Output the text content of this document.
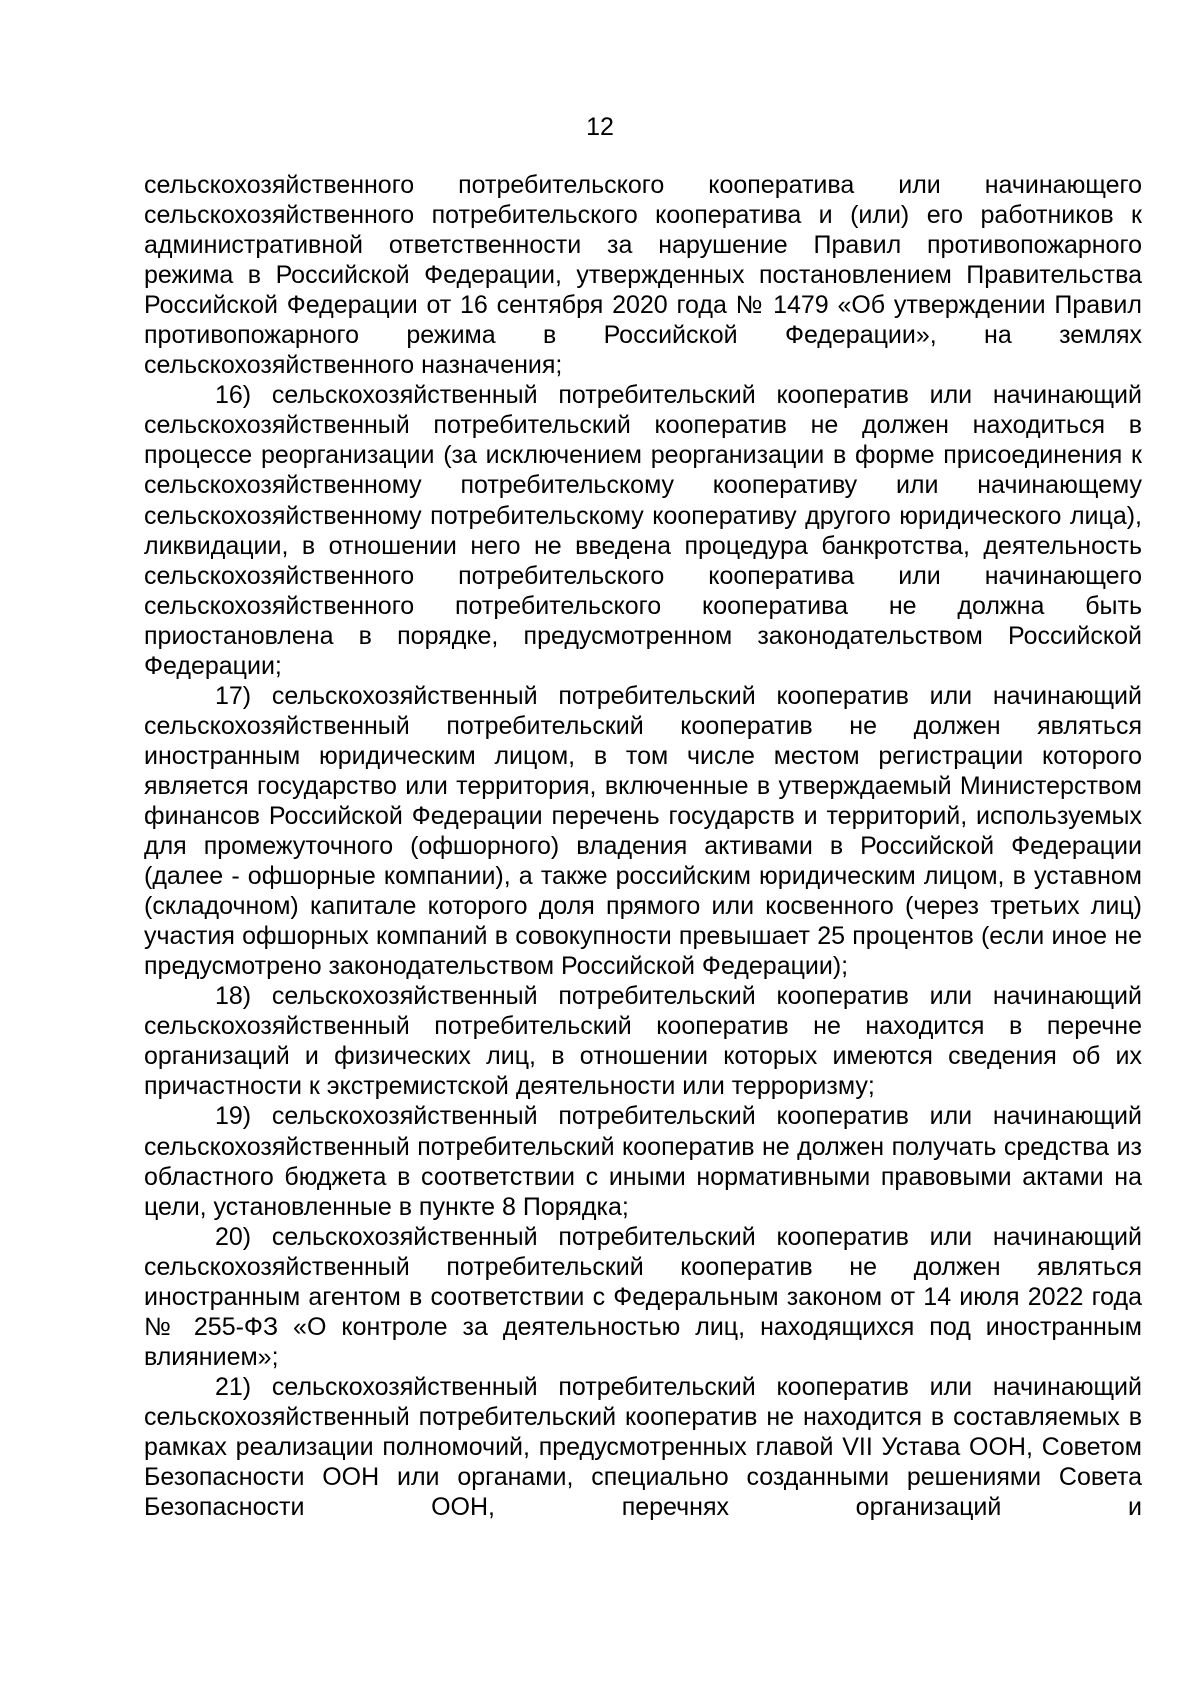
12

сельскохозяйственного потребительского кооператива или начинающего сельскохозяйственного потребительского кооператива и (или) его работников к административной ответственности за нарушение Правил противопожарного режима в Российской Федерации, утвержденных постановлением Правительства Российской Федерации от 16 сентября 2020 года № 1479 «Об утверждении Правил противопожарного режима в Российской Федерации», на землях сельскохозяйственного назначения;

16) сельскохозяйственный потребительский кооператив или начинающий сельскохозяйственный потребительский кооператив не должен находиться в процессе реорганизации (за исключением реорганизации в форме присоединения к сельскохозяйственному потребительскому кооперативу или начинающему сельскохозяйственному потребительскому кооперативу другого юридического лица), ликвидации, в отношении него не введена процедура банкротства, деятельность сельскохозяйственного потребительского кооператива или начинающего сельскохозяйственного потребительского кооператива не должна быть приостановлена в порядке, предусмотренном законодательством Российской Федерации;

17) сельскохозяйственный потребительский кооператив или начинающий сельскохозяйственный потребительский кооператив не должен являться иностранным юридическим лицом, в том числе местом регистрации которого является государство или территория, включенные в утверждаемый Министерством финансов Российской Федерации перечень государств и территорий, используемых для промежуточного (офшорного) владения активами в Российской Федерации (далее - офшорные компании), а также российским юридическим лицом, в уставном (складочном) капитале которого доля прямого или косвенного (через третьих лиц) участия офшорных компаний в совокупности превышает 25 процентов (если иное не предусмотрено законодательством Российской Федерации);

18) сельскохозяйственный потребительский кооператив или начинающий сельскохозяйственный потребительский кооператив не находится в перечне организаций и физических лиц, в отношении которых имеются сведения об их причастности к экстремистской деятельности или терроризму;

19) сельскохозяйственный потребительский кооператив или начинающий сельскохозяйственный потребительский кооператив не должен получать средства из областного бюджета в соответствии с иными нормативными правовыми актами на цели, установленные в пункте 8 Порядка;

20) сельскохозяйственный потребительский кооператив или начинающий сельскохозяйственный потребительский кооператив не должен являться иностранным агентом в соответствии с Федеральным законом от 14 июля 2022 года № 255-ФЗ «О контроле за деятельностью лиц, находящихся под иностранным влиянием»;

21) сельскохозяйственный потребительский кооператив или начинающий сельскохозяйственный потребительский кооператив не находится в составляемых в рамках реализации полномочий, предусмотренных главой VII Устава ООН, Советом Безопасности ООН или органами, специально созданными решениями Совета Безопасности ООН, перечнях организаций и
